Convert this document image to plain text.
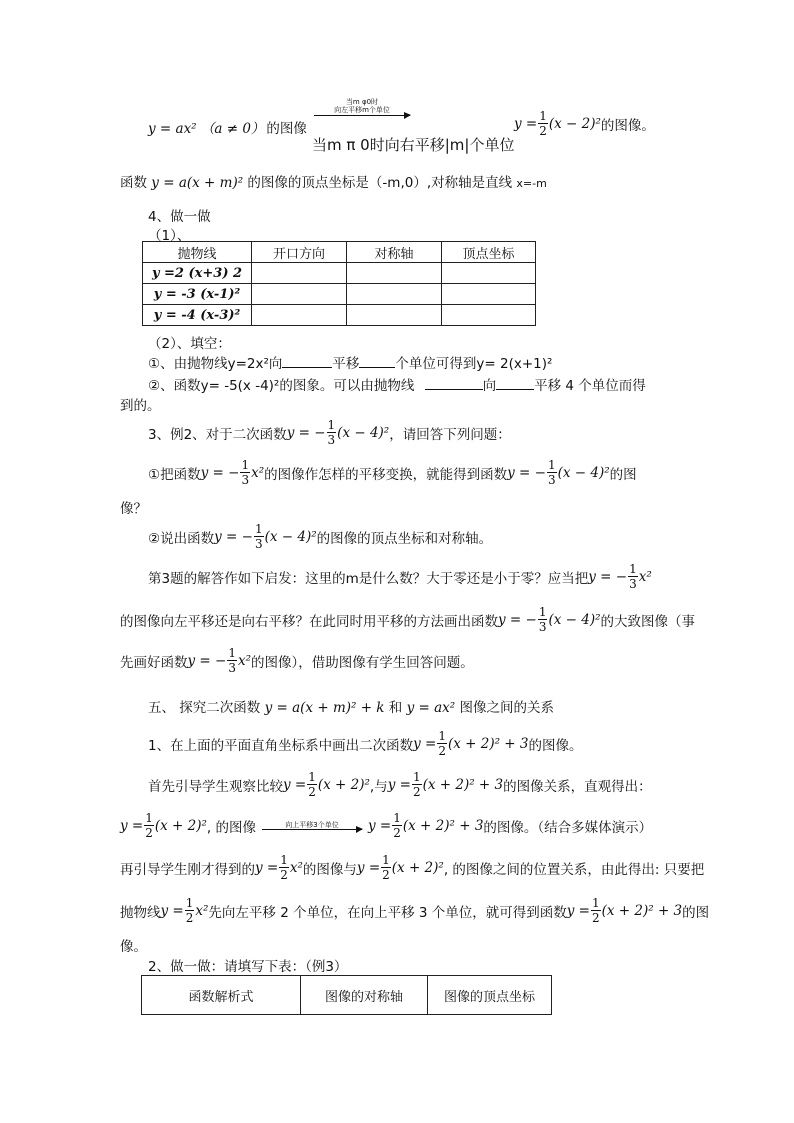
y = ax² （a ≠ 0） 的图像
当m φ0时
向左平移m个单位
当m π 0时向右平移|m|个单位
$y = \frac{1}{2} (x - 2)^2$ 的图像。
函数 y = a(x + m)² 的图像的顶点坐标是（-m,0）,对称轴是直线 x=-m
4、做一做
（1）、
抛物线	开口方向	对称轴	顶点坐标
y =2 (x+3) 2			
y = -3 (x-1)²			
y = -4 (x-3)²			
（2）、填空：
①、由抛物线y=2x²向	平移	个单位可得到y= 2(x+1)²
②、函数y= -5(x -4)²的图象。可以由抛物线	向	平移 4 个单位而得
到的。
3、例2、对于二次函数 y = − $\frac{1}{3} (x - 4)^2$ ，请回答下列问题：
①把函数 y = − $\frac{1}{3} x^2$ 的图像作怎样的平移变换，就能得到函数 y = − $\frac{1}{3} (x - 4)^2$ 的图
像？
②说出函数 y = − $\frac{1}{3} (x - 4)^2$ 的图像的顶点坐标和对称轴。
第3题的解答作如下启发：这里的m是什么数？大于零还是小于零？应当把 y = − $\frac{1}{3} x^2$
的图像向左平移还是向右平移？在此同时用平移的方法画出函数 y = − $\frac{1}{3} (x - 4)^2$ 的大致图像（事
先画好函数 y = − $\frac{1}{3} x^2$ 的图像），借助图像有学生回答问题。
五、 探究二次函数 y = a(x + m)² + k 和 y = ax² 图像之间的关系
1、在上面的平面直角坐标系中画出二次函数 $y = \frac{1}{2} (x + 2)^2 + 3$ 的图像。
首先引导学生观察比较 $y = \frac{1}{2} (x + 2)^2$ ,与 $y = \frac{1}{2} (x + 2)^2 + 3$ 的图像关系，直观得出：
$y = \frac{1}{2} (x + 2)^2$ , 的图像	向上平移3个单位 $y = \frac{1}{2} (x + 2)^2 + 3$ 的图像。（结合多媒体演示）
再引导学生刚才得到的 $y = \frac{1}{2} x^2$ 的图像与 $y = \frac{1}{2} (x + 2)^2$ , 的图像之间的位置关系，由此得出: 只要把
抛物线 $y = \frac{1}{2} x^2$ 先向左平移 2 个单位，在向上平移 3 个单位，就可得到函数 $y = \frac{1}{2} (x + 2)^2 + 3$ 的图
像。
2、做一做：请填写下表：（例3）
函数解析式	图像的对称轴	图像的顶点坐标
